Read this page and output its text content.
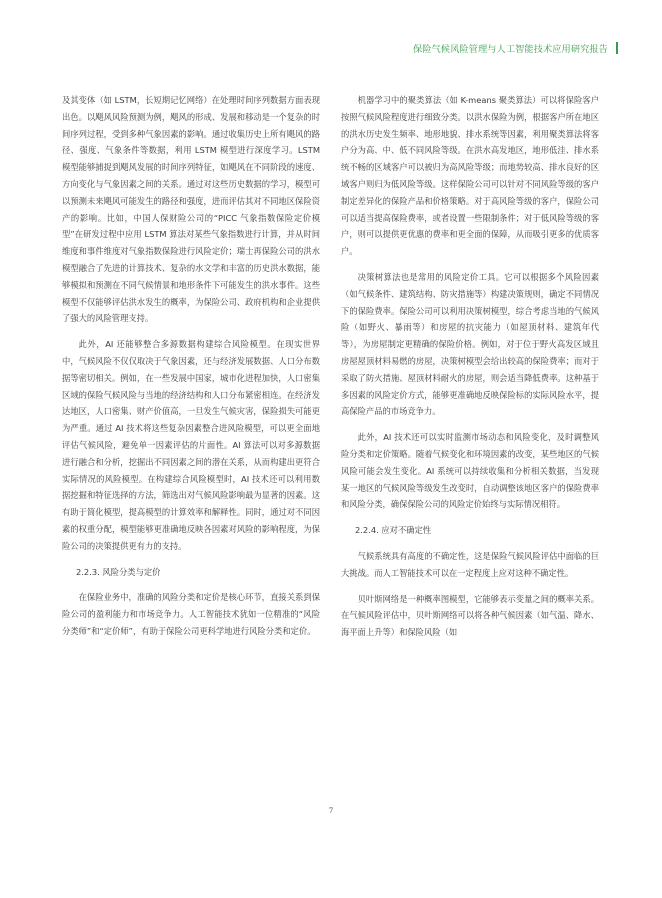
保险气候风险管理与人工智能技术应用研究报告

及其变体（如 LSTM，长短期记忆网络）在处理时间序列数据方面表现出色。以飓风风险预测为例，飓风的形成、发展和移动是一个复杂的时间序列过程，受到多种气象因素的影响。通过收集历史上所有飓风的路径、强度、气象条件等数据，利用 LSTM 模型进行深度学习。LSTM 模型能够捕捉到飓风发展的时间序列特征，如飓风在不同阶段的速度、方向变化与气象因素之间的关系。通过对这些历史数据的学习，模型可以预测未来飓风可能发生的路径和强度，进而评估其对不同地区保险资产的影响。比如，中国人保财险公司的“PICC 气象指数保险定价模型”在研发过程中应用 LSTM 算法对某些气象指数进行计算，并从时间维度和事件维度对气象指数保险进行风险定价；瑞士再保险公司的洪水模型融合了先进的计算技术、复杂的水文学和丰富的历史洪水数据，能够模拟和预测在不同气候情景和地形条件下可能发生的洪水事件。这些模型不仅能够评估洪水发生的概率，为保险公司、政府机构和企业提供了强大的风险管理支持。

此外，AI 还能够整合多源数据构建综合风险模型。在现实世界中，气候风险不仅仅取决于气象因素，还与经济发展数据、人口分布数据等密切相关。例如，在一些发展中国家，城市化进程加快，人口密集区域的保险气候风险与当地的经济结构和人口分布紧密相连。在经济发达地区，人口密集、财产价值高，一旦发生气候灾害，保险损失可能更为严重。通过 AI 技术将这些复杂因素整合进风险模型，可以更全面地评估气候风险，避免单一因素评估的片面性。AI 算法可以对多源数据进行融合和分析，挖掘出不同因素之间的潜在关系，从而构建出更符合实际情况的风险模型。在构建综合风险模型时，AI 技术还可以利用数据挖掘和特征选择的方法，筛选出对气候风险影响最为显著的因素。这有助于简化模型，提高模型的计算效率和解释性。同时，通过对不同因素的权重分配，模型能够更准确地反映各因素对风险的影响程度，为保险公司的决策提供更有力的支持。

2.2.3. 风险分类与定价

在保险业务中，准确的风险分类和定价是核心环节，直接关系到保险公司的盈利能力和市场竞争力。人工智能技术犹如一位精准的“风险分类师”和“定价师”，有助于保险公司更科学地进行风险分类和定价。

机器学习中的聚类算法（如 K-means 聚类算法）可以将保险客户按照气候风险程度进行细致分类。以洪水保险为例，根据客户所在地区的洪水历史发生频率、地形地貌、排水系统等因素，利用聚类算法将客户分为高、中、低不同风险等级。在洪水高发地区，地形低洼、排水系统不畅的区域客户可以被归为高风险等级；而地势较高、排水良好的区域客户则归为低风险等级。这样保险公司可以针对不同风险等级的客户制定差异化的保险产品和价格策略。对于高风险等级的客户，保险公司可以适当提高保险费率，或者设置一些限制条件；对于低风险等级的客户，则可以提供更优惠的费率和更全面的保障，从而吸引更多的优质客户。

决策树算法也是常用的风险定价工具。它可以根据多个风险因素（如气候条件、建筑结构、防灾措施等）构建决策规则，确定不同情况下的保险费率。保险公司可以利用决策树模型，综合考虑当地的气候风险（如野火、暴雨等）和房屋的抗灾能力（如屋顶材料、建筑年代等），为房屋制定更精确的保险价格。例如，对于位于野火高发区域且房屋屋顶材料易燃的房屋，决策树模型会给出较高的保险费率；而对于采取了防火措施、屋顶材料耐火的房屋，则会适当降低费率。这种基于多因素的风险定价方式，能够更准确地反映保险标的实际风险水平，提高保险产品的市场竞争力。

此外，AI 技术还可以实时监测市场动态和风险变化，及时调整风险分类和定价策略。随着气候变化和环境因素的改变，某些地区的气候风险可能会发生变化。AI 系统可以持续收集和分析相关数据，当发现某一地区的气候风险等级发生改变时，自动调整该地区客户的保险费率和风险分类，确保保险公司的风险定价始终与实际情况相符。

2.2.4. 应对不确定性

气候系统具有高度的不确定性，这是保险气候风险评估中面临的巨大挑战。而人工智能技术可以在一定程度上应对这种不确定性。

贝叶斯网络是一种概率图模型，它能够表示变量之间的概率关系。在气候风险评估中，贝叶斯网络可以将各种气候因素（如气温、降水、海平面上升等）和保险风险（如

7
